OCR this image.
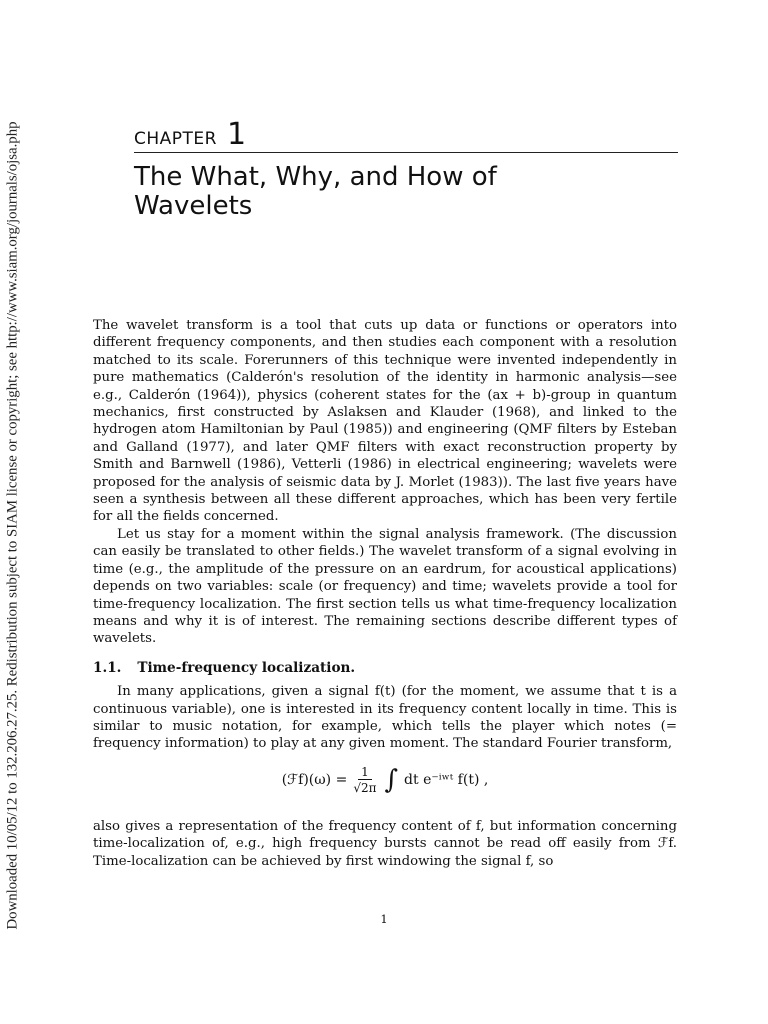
Downloaded 10/05/12 to 132.206.27.25. Redistribution subject to SIAM license or copyright; see http://www.siam.org/journals/ojsa.php	CHAPTER 1
The What, Why, and How of Wavelets

The wavelet transform is a tool that cuts up data or functions or operators into different frequency components, and then studies each component with a resolution matched to its scale. Forerunners of this technique were invented independently in pure mathematics (Calderón's resolution of the identity in harmonic analysis—see e.g., Calderón (1964)), physics (coherent states for the (ax + b)-group in quantum mechanics, first constructed by Aslaksen and Klauder (1968), and linked to the hydrogen atom Hamiltonian by Paul (1985)) and engineering (QMF filters by Esteban and Galland (1977), and later QMF filters with exact reconstruction property by Smith and Barnwell (1986), Vetterli (1986) in electrical engineering; wavelets were proposed for the analysis of seismic data by J. Morlet (1983)). The last five years have seen a synthesis between all these different approaches, which has been very fertile for all the fields concerned.

Let us stay for a moment within the signal analysis framework. (The discussion can easily be translated to other fields.) The wavelet transform of a signal evolving in time (e.g., the amplitude of the pressure on an eardrum, for acoustical applications) depends on two variables: scale (or frequency) and time; wavelets provide a tool for time-frequency localization. The first section tells us what time-frequency localization means and why it is of interest. The remaining sections describe different types of wavelets.

1.1. Time-frequency localization.

In many applications, given a signal f(t) (for the moment, we assume that t is a continuous variable), one is interested in its frequency content locally in time. This is similar to music notation, for example, which tells the player which notes (= frequency information) to play at any given moment. The standard Fourier transform,

(ℱf)(ω) = $\frac{1}{√2\pi}$ ∫ dt e⁻ⁱʷᵗ f(t) ,

also gives a representation of the frequency content of f, but information concerning time-localization of, e.g., high frequency bursts cannot be read off easily from ℱf. Time-localization can be achieved by first windowing the signal f, so

1
